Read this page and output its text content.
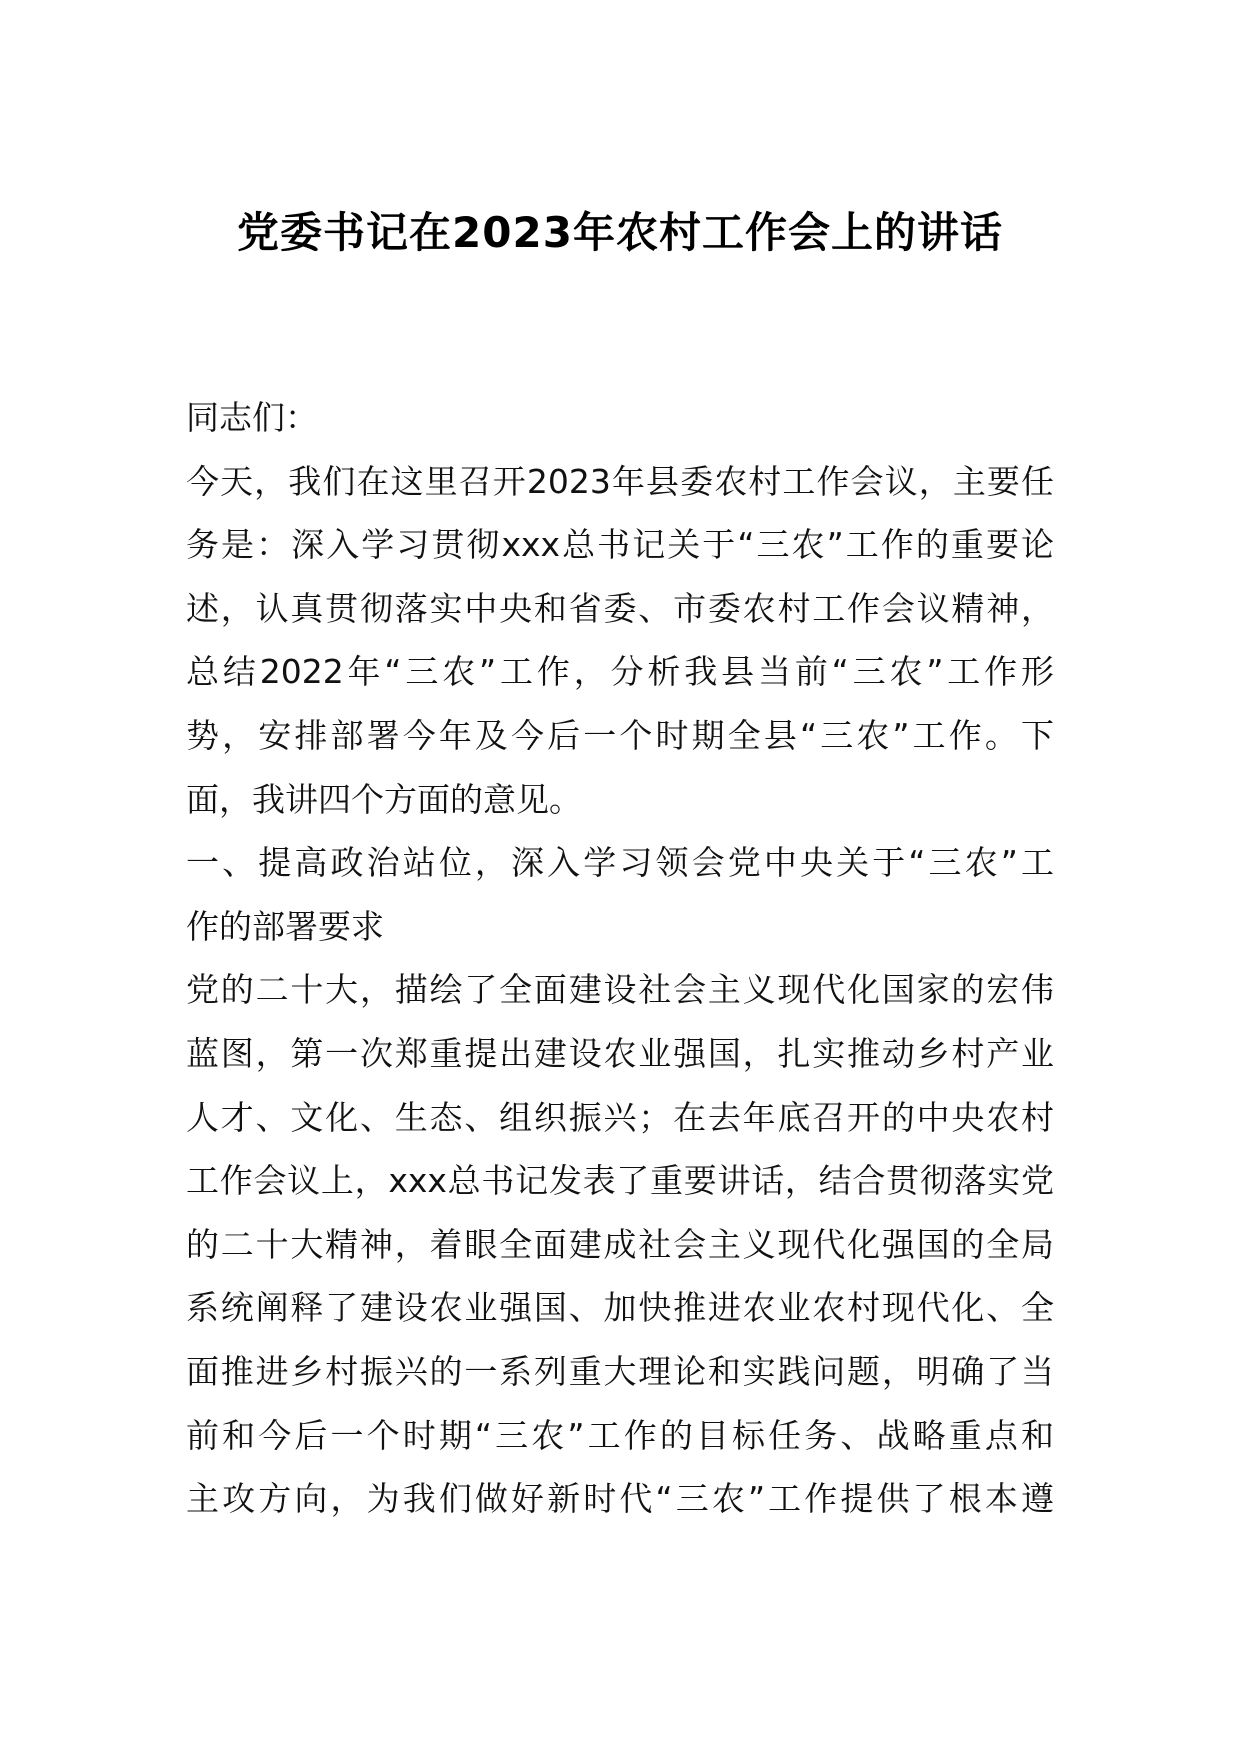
党委书记在2023年农村工作会上的讲话
同志们：
今天，我们在这里召开2023年县委农村工作会议，主要任
务是：深入学习贯彻xxx总书记关于“三农”工作的重要论
述，认真贯彻落实中央和省委、市委农村工作会议精神，
总结2022年“三农”工作，分析我县当前“三农”工作形
势，安排部署今年及今后一个时期全县“三农”工作。下
面，我讲四个方面的意见。
一、提高政治站位，深入学习领会党中央关于“三农”工
作的部署要求
党的二十大，描绘了全面建设社会主义现代化国家的宏伟
蓝图，第一次郑重提出建设农业强国，扎实推动乡村产业
人才、文化、生态、组织振兴；在去年底召开的中央农村
工作会议上，xxx总书记发表了重要讲话，结合贯彻落实党
的二十大精神，着眼全面建成社会主义现代化强国的全局
系统阐释了建设农业强国、加快推进农业农村现代化、全
面推进乡村振兴的一系列重大理论和实践问题，明确了当
前和今后一个时期“三农”工作的目标任务、战略重点和
主攻方向，为我们做好新时代“三农”工作提供了根本遵
